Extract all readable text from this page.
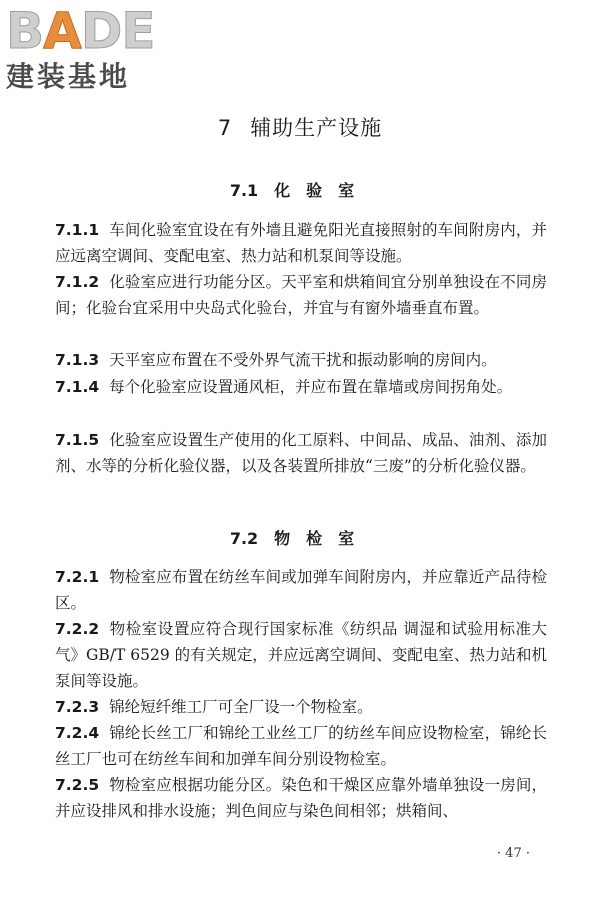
BADE
建装基地
7 辅助生产设施
7.1 化验室
7.1.1 车间化验室宜设在有外墙且避免阳光直接照射的车间附房内，并应远离空调间、变配电室、热力站和机泵间等设施。
7.1.2 化验室应进行功能分区。天平室和烘箱间宜分别单独设在不同房间；化验台宜采用中央岛式化验台，并宜与有窗外墙垂直布置。
7.1.3 天平室应布置在不受外界气流干扰和振动影响的房间内。
7.1.4 每个化验室应设置通风柜，并应布置在靠墙或房间拐角处。
7.1.5 化验室应设置生产使用的化工原料、中间品、成品、油剂、添加剂、水等的分析化验仪器，以及各装置所排放“三废”的分析化验仪器。
7.2 物检室
7.2.1 物检室应布置在纺丝车间或加弹车间附房内，并应靠近产品待检区。
7.2.2 物检室设置应符合现行国家标准《纺织品 调湿和试验用标准大气》GB/T 6529 的有关规定，并应远离空调间、变配电室、热力站和机泵间等设施。
7.2.3 锦纶短纤维工厂可全厂设一个物检室。
7.2.4 锦纶长丝工厂和锦纶工业丝工厂的纺丝车间应设物检室，锦纶长丝工厂也可在纺丝车间和加弹车间分别设物检室。
7.2.5 物检室应根据功能分区。染色和干燥区应靠外墙单独设一房间，并应设排风和排水设施；判色间应与染色间相邻；烘箱间、
· 47 ·
